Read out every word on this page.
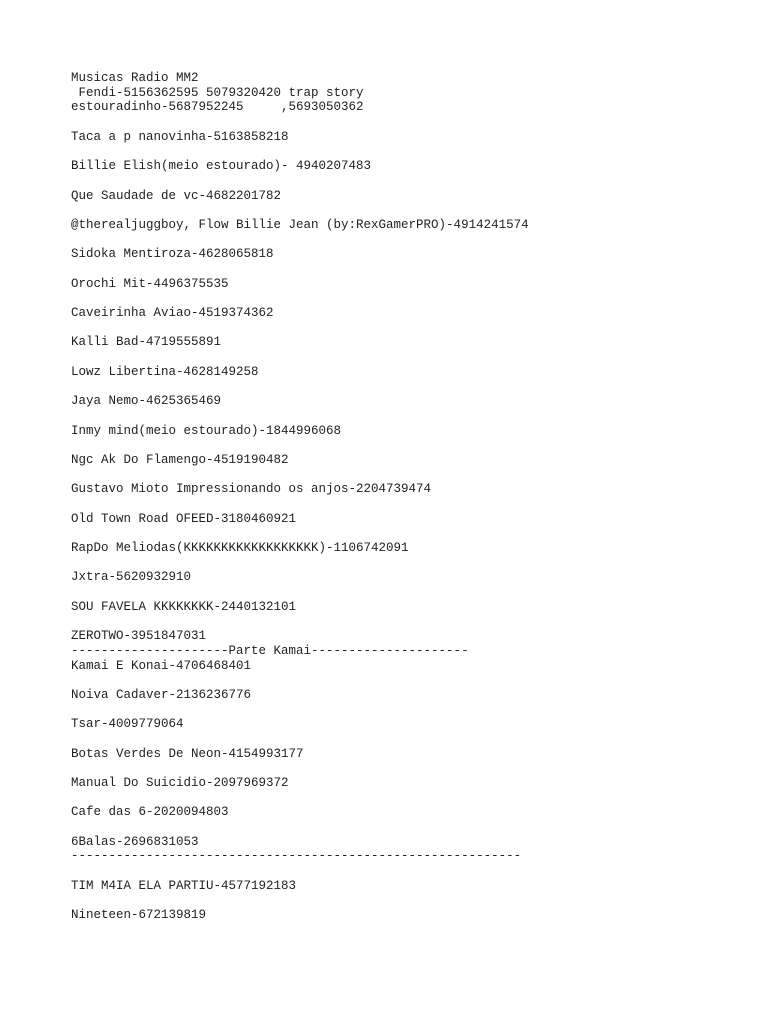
Musicas Radio MM2
Fendi-5156362595 5079320420 trap story
estouradinho-5687952245     ,5693050362
Taca a p nanovinha-5163858218
Billie Elish(meio estourado)- 4940207483
Que Saudade de vc-4682201782
@therealjuggboy, Flow Billie Jean (by:RexGamerPRO)-4914241574
Sidoka Mentiroza-4628065818
Orochi Mit-4496375535
Caveirinha Aviao-4519374362
Kalli Bad-4719555891
Lowz Libertina-4628149258
Jaya Nemo-4625365469
Inmy mind(meio estourado)-1844996068
Ngc Ak Do Flamengo-4519190482
Gustavo Mioto Impressionando os anjos-2204739474
Old Town Road OFEED-3180460921
RapDo Meliodas(KKKKKKKKKKKKKKKKKK)-1106742091
Jxtra-5620932910
SOU FAVELA KKKKKKKK-2440132101
ZEROTWO-3951847031
---------------------Parte Kamai---------------------
Kamai E Konai-4706468401
Noiva Cadaver-2136236776
Tsar-4009779064
Botas Verdes De Neon-4154993177
Manual Do Suicidio-2097969372
Cafe das 6-2020094803
6Balas-2696831053
------------------------------------------------------------
TIM M4IA ELA PARTIU-4577192183
Nineteen-672139819
